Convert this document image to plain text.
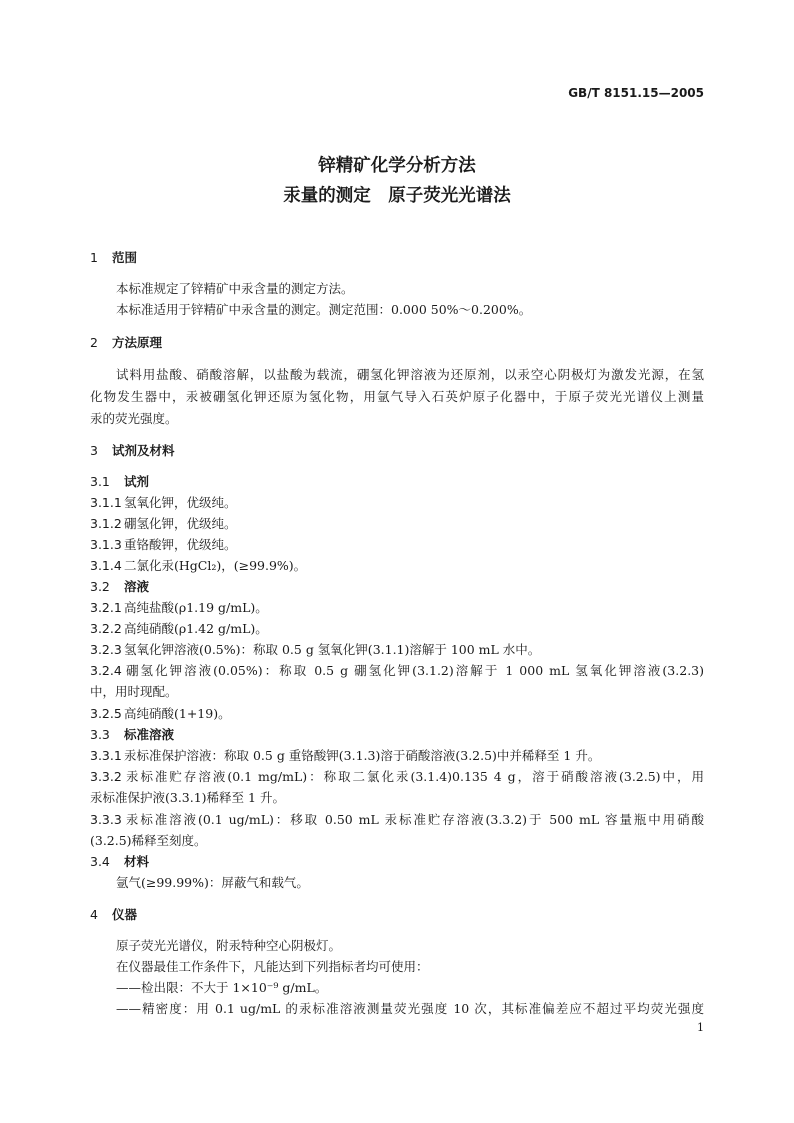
GB/T 8151.15—2005
锌精矿化学分析方法
汞量的测定　原子荧光光谱法
1 范围
本标准规定了锌精矿中汞含量的测定方法。
本标准适用于锌精矿中汞含量的测定。测定范围：0.000 50%～0.200%。
2 方法原理
试料用盐酸、硝酸溶解，以盐酸为载流，硼氢化钾溶液为还原剂，以汞空心阴极灯为激发光源，在氢
化物发生器中，汞被硼氢化钾还原为氢化物，用氩气导入石英炉原子化器中，于原子荧光光谱仪上测量
汞的荧光强度。
3 试剂及材料
3.1 试剂
3.1.1 氢氧化钾，优级纯。
3.1.2 硼氢化钾，优级纯。
3.1.3 重铬酸钾，优级纯。
3.1.4 二氯化汞(HgCl₂)，(≥99.9%)。
3.2 溶液
3.2.1 高纯盐酸(ρ1.19 g/mL)。
3.2.2 高纯硝酸(ρ1.42 g/mL)。
3.2.3 氢氧化钾溶液(0.5%)：称取 0.5 g 氢氧化钾(3.1.1)溶解于 100 mL 水中。
3.2.4 硼氢化钾溶液(0.05%)：称取 0.5 g 硼氢化钾(3.1.2)溶解于 1 000 mL 氢氧化钾溶液(3.2.3)
中，用时现配。
3.2.5 高纯硝酸(1+19)。
3.3 标准溶液
3.3.1 汞标准保护溶液：称取 0.5 g 重铬酸钾(3.1.3)溶于硝酸溶液(3.2.5)中并稀释至 1 升。
3.3.2 汞标准贮存溶液(0.1 mg/mL)：称取二氯化汞(3.1.4)0.135 4 g，溶于硝酸溶液(3.2.5)中，用
汞标准保护液(3.3.1)稀释至 1 升。
3.3.3 汞标准溶液(0.1 ug/mL)：移取 0.50 mL 汞标准贮存溶液(3.3.2)于 500 mL 容量瓶中用硝酸
(3.2.5)稀释至刻度。
3.4 材料
氩气(≥99.99%)：屏蔽气和载气。
4 仪器
原子荧光光谱仪，附汞特种空心阴极灯。
在仪器最佳工作条件下，凡能达到下列指标者均可使用：
——检出限：不大于 1×10⁻⁹ g/mL。
——精密度：用 0.1 ug/mL 的汞标准溶液测量荧光强度 10 次，其标准偏差应不超过平均荧光强度
1
